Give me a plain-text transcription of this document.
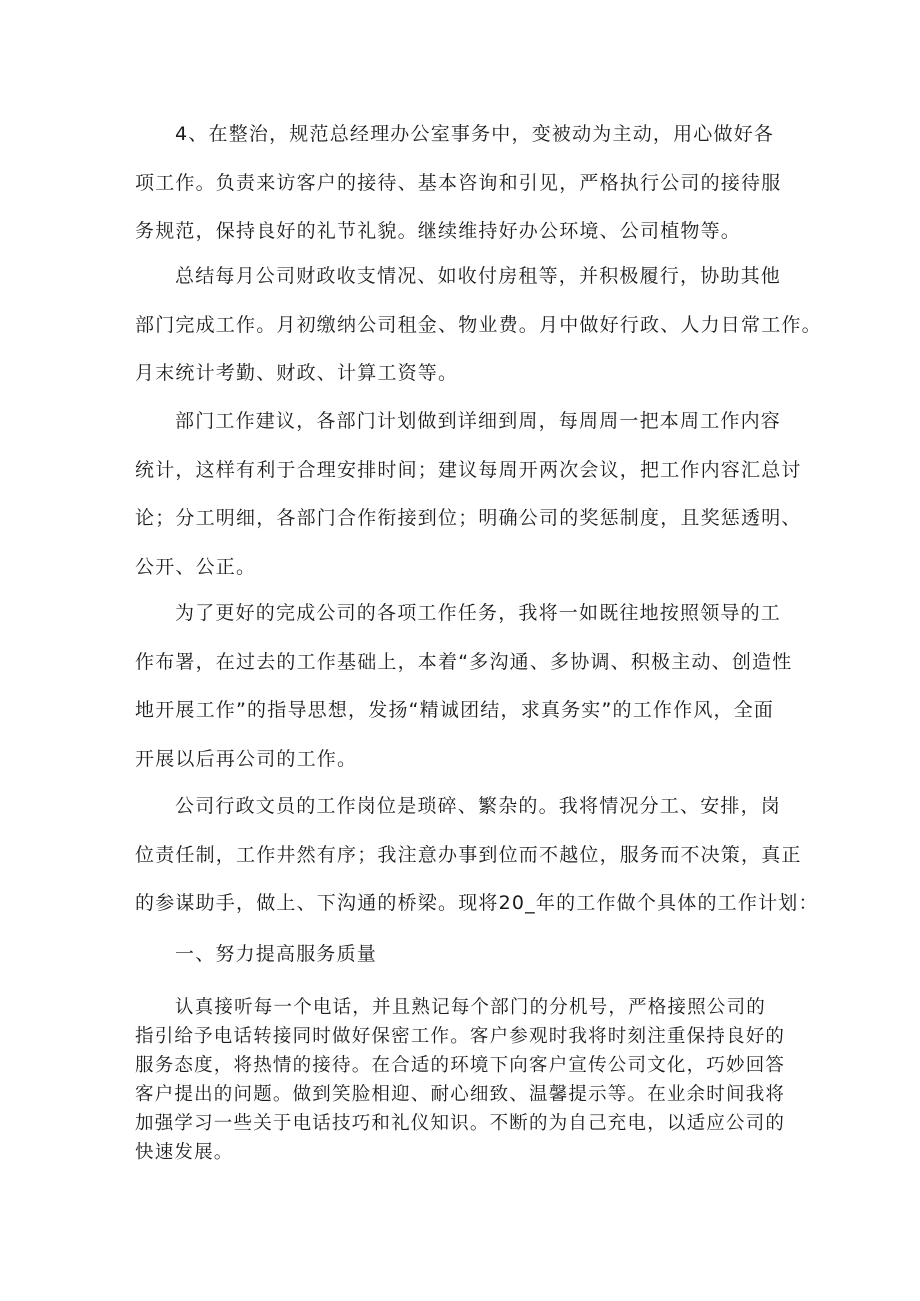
4、在整治，规范总经理办公室事务中，变被动为主动，用心做好各
项工作。负责来访客户的接待、基本咨询和引见，严格执行公司的接待服
务规范，保持良好的礼节礼貌。继续维持好办公环境、公司植物等。

总结每月公司财政收支情况、如收付房租等，并积极履行，协助其他
部门完成工作。月初缴纳公司租金、物业费。月中做好行政、人力日常工作。
月末统计考勤、财政、计算工资等。

部门工作建议，各部门计划做到详细到周，每周周一把本周工作内容
统计，这样有利于合理安排时间；建议每周开两次会议，把工作内容汇总讨
论；分工明细，各部门合作衔接到位；明确公司的奖惩制度，且奖惩透明、
公开、公正。

为了更好的完成公司的各项工作任务，我将一如既往地按照领导的工
作布署，在过去的工作基础上，本着“多沟通、多协调、积极主动、创造性
地开展工作”的指导思想，发扬“精诚团结，求真务实”的工作作风，全面
开展以后再公司的工作。

公司行政文员的工作岗位是琐碎、繁杂的。我将情况分工、安排，岗
位责任制，工作井然有序；我注意办事到位而不越位，服务而不决策，真正
的参谋助手，做上、下沟通的桥梁。现将20_年的工作做个具体的工作计划：

一、努力提高服务质量

认真接听每一个电话，并且熟记每个部门的分机号，严格接照公司的
指引给予电话转接同时做好保密工作。客户参观时我将时刻注重保持良好的
服务态度，将热情的接待。在合适的环境下向客户宣传公司文化，巧妙回答
客户提出的问题。做到笑脸相迎、耐心细致、温馨提示等。在业余时间我将
加强学习一些关于电话技巧和礼仪知识。不断的为自己充电，以适应公司的
快速发展。
